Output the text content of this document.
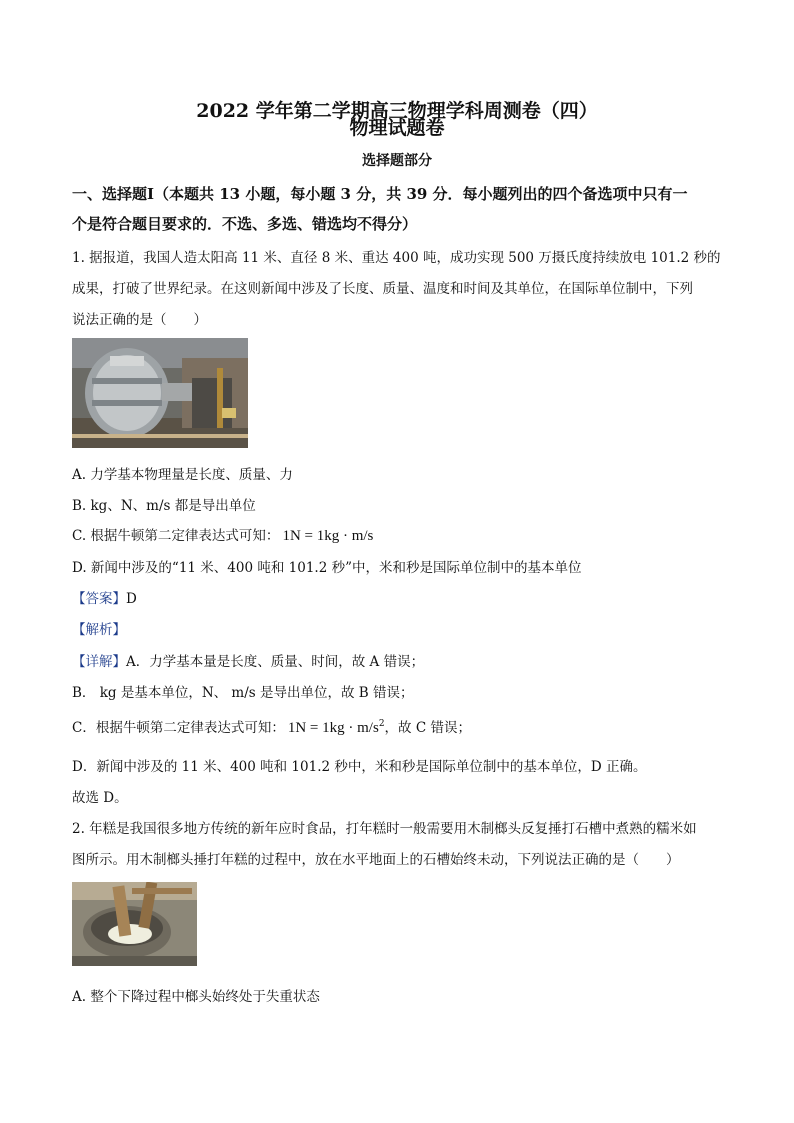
2022 学年第二学期高三物理学科周测卷（四）
物理试题卷
选择题部分
一、选择题Ⅰ（本题共 13 小题，每小题 3 分，共 39 分．每小题列出的四个备选项中只有一
个是符合题目要求的．不选、多选、错选均不得分）
1. 据报道，我国人造太阳高 11 米、直径 8 米、重达 400 吨，成功实现 500 万摄氏度持续放电 101.2 秒的
成果，打破了世界纪录。在这则新闻中涉及了长度、质量、温度和时间及其单位，在国际单位制中，下列
说法正确的是（　　）
A. 力学基本物理量是长度、质量、力
B. kg、N、m/s 都是导出单位
C. 根据牛顿第二定律表达式可知： 1N = 1kg · m/s
D. 新闻中涉及的“11 米、400 吨和 101.2 秒”中，米和秒是国际单位制中的基本单位
【答案】D
【解析】
【详解】A．力学基本量是长度、质量、时间，故 A 错误；
B． kg 是基本单位，N、 m/s 是导出单位，故 B 错误；
C．根据牛顿第二定律表达式可知： $1N = 1kg \cdot m/s^2$，故 C 错误；
D．新闻中涉及的 11 米、400 吨和 101.2 秒中，米和秒是国际单位制中的基本单位，D 正确。
故选 D。
2. 年糕是我国很多地方传统的新年应时食品，打年糕时一般需要用木制榔头反复捶打石槽中煮熟的糯米如
图所示。用木制榔头捶打年糕的过程中，放在水平地面上的石槽始终未动，下列说法正确的是（　　）
A. 整个下降过程中榔头始终处于失重状态
